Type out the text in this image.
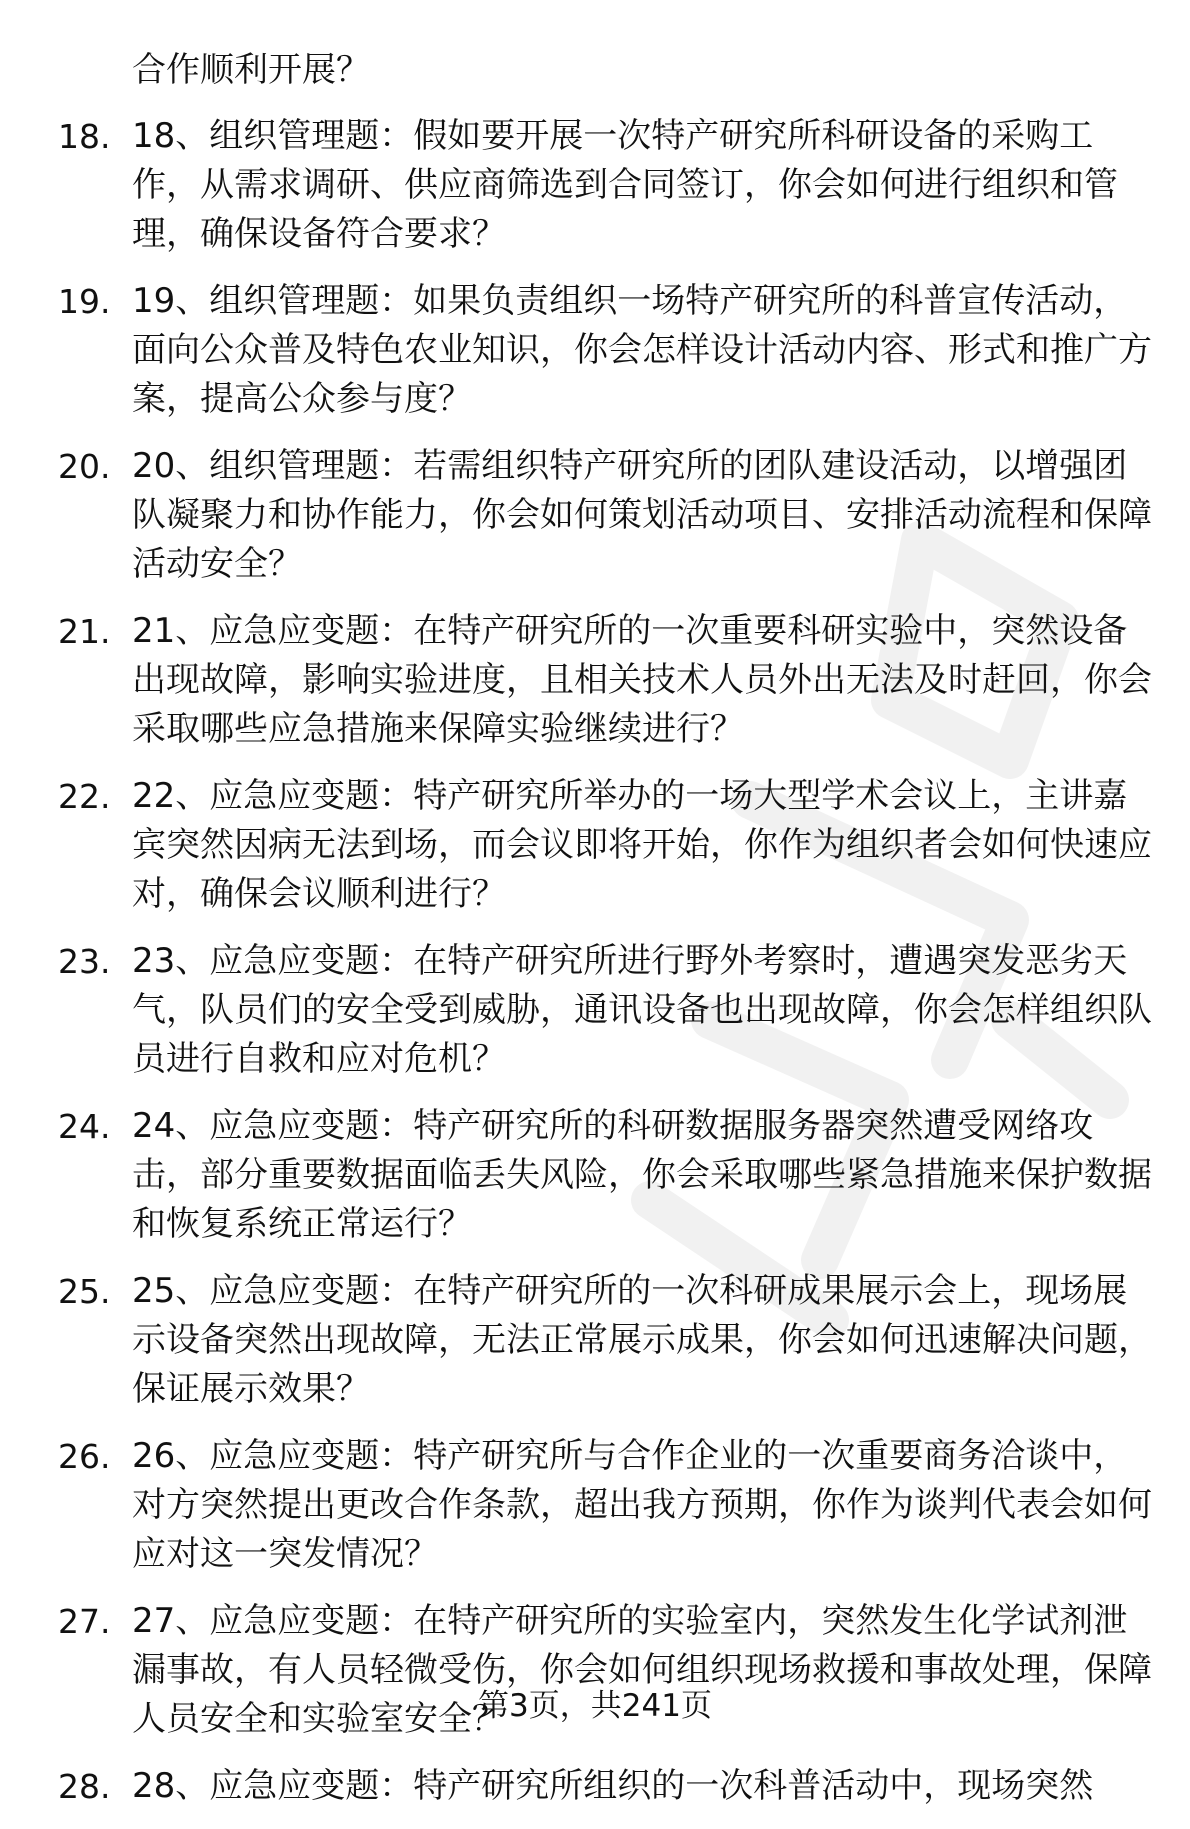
合作顺利开展？
18. 18、组织管理题：假如要开展一次特产研究所科研设备的采购工作，从需求调研、供应商筛选到合同签订，你会如何进行组织和管理，确保设备符合要求？
19. 19、组织管理题：如果负责组织一场特产研究所的科普宣传活动，面向公众普及特色农业知识，你会怎样设计活动内容、形式和推广方案，提高公众参与度？
20. 20、组织管理题：若需组织特产研究所的团队建设活动，以增强团队凝聚力和协作能力，你会如何策划活动项目、安排活动流程和保障活动安全？
21. 21、应急应变题：在特产研究所的一次重要科研实验中，突然设备出现故障，影响实验进度，且相关技术人员外出无法及时赶回，你会采取哪些应急措施来保障实验继续进行？
22. 22、应急应变题：特产研究所举办的一场大型学术会议上，主讲嘉宾突然因病无法到场，而会议即将开始，你作为组织者会如何快速应对，确保会议顺利进行？
23. 23、应急应变题：在特产研究所进行野外考察时，遭遇突发恶劣天气，队员们的安全受到威胁，通讯设备也出现故障，你会怎样组织队员进行自救和应对危机？
24. 24、应急应变题：特产研究所的科研数据服务器突然遭受网络攻击，部分重要数据面临丢失风险，你会采取哪些紧急措施来保护数据和恢复系统正常运行？
25. 25、应急应变题：在特产研究所的一次科研成果展示会上，现场展示设备突然出现故障，无法正常展示成果，你会如何迅速解决问题，保证展示效果？
26. 26、应急应变题：特产研究所与合作企业的一次重要商务洽谈中，对方突然提出更改合作条款，超出我方预期，你作为谈判代表会如何应对这一突发情况？
27. 27、应急应变题：在特产研究所的实验室内，突然发生化学试剂泄漏事故，有人员轻微受伤，你会如何组织现场救援和事故处理，保障人员安全和实验室安全？
28. 28、应急应变题：特产研究所组织的一次科普活动中，现场突然
第3页，共241页
